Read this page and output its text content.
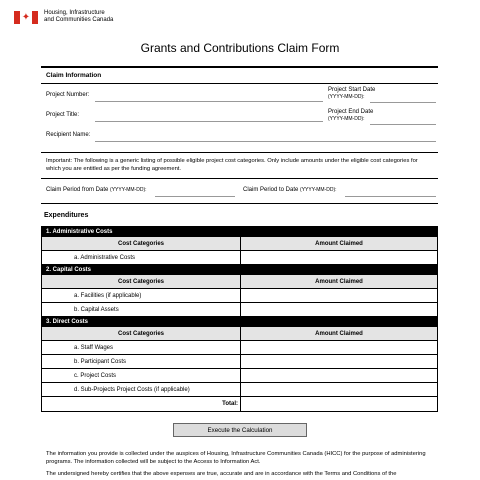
✦ Housing, Infrastructure
and Communities Canada
Grants and Contributions Claim Form
Claim Information
Project Number:
Project Title:
Project Start Date
(YYYY-MM-DD):
Project End Date
(YYYY-MM-DD):
Recipient Name:
Important: The following is a generic listing of possible eligible project cost categories. Only include amounts under the eligible cost categories for which you are entitled as per the funding agreement.
Claim Period from Date (YYYY-MM-DD):	Claim Period to Date (YYYY-MM-DD):
Expenditures
1. Administrative Costs
Cost Categories	Amount Claimed
a. Administrative Costs
2. Capital Costs
Cost Categories	Amount Claimed
a. Facilities (if applicable)
b. Capital Assets
3. Direct Costs
Cost Categories	Amount Claimed
a. Staff Wages
b. Participant Costs
c. Project Costs
d. Sub-Projects Project Costs (if applicable)
Total:
Execute the Calculation
The information you provide is collected under the auspices of Housing, Infrastructure Communities Canada (HICC) for the purpose of administering programs. The information collected will be subject to the Access to Information Act.
The undersigned hereby certifies that the above expenses are true, accurate and are in accordance with the Terms and Conditions of the
